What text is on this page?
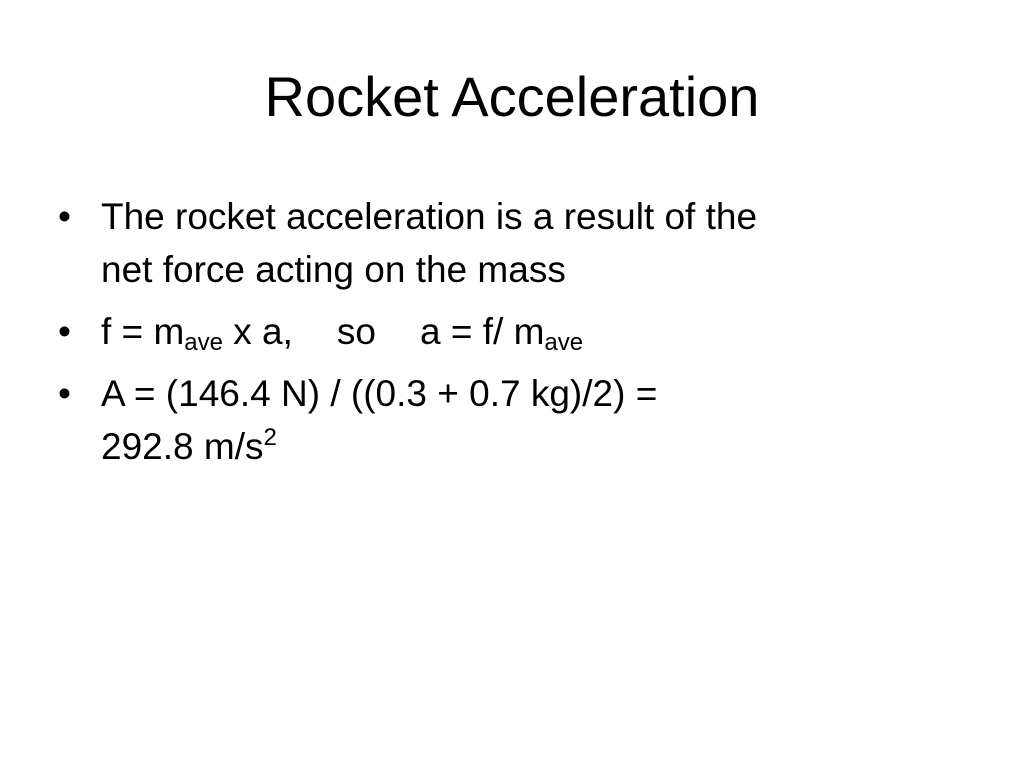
Rocket Acceleration
• The rocket acceleration is a result of the
net force acting on the mass
• $f = m_{ave}$ x a, so a = f/ $m_{ave}$
• A = (146.4 N) / ((0.3 + 0.7 kg)/2) =
292.8 $m/s^2$
